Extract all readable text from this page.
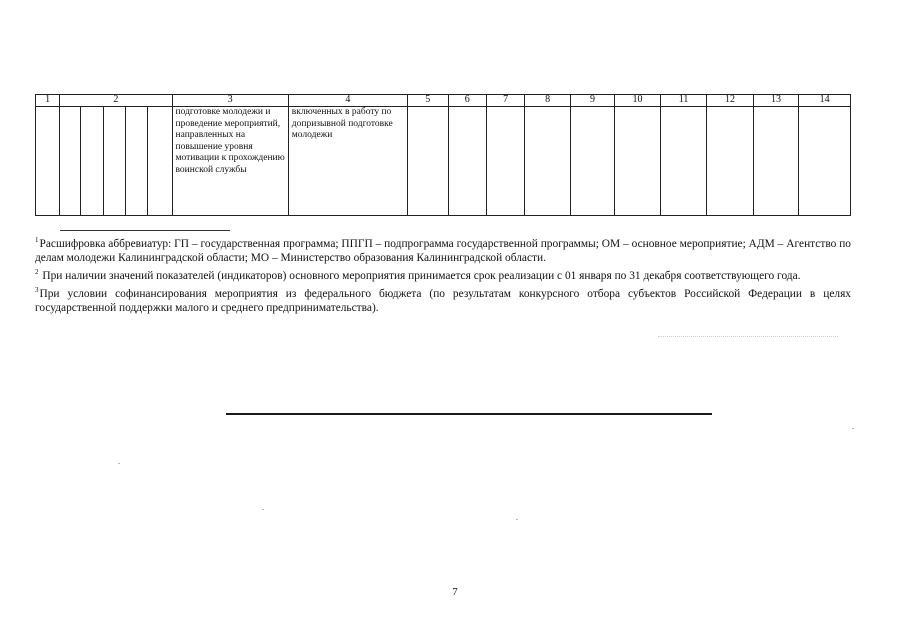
1	2					3	4	5	6	7	8	9	10	11	12	13	14
						подготовке молодежи и проведение мероприятий, направленных на повышение уровня мотивации к прохождению воинской службы	включенных в работу по допризывной подготовке молодежи										

$^1$Расшифровка аббревиатур: ГП – государственная программа; ППГП – подпрограмма государственной программы; ОМ – основное мероприятие; АДМ – Агентство по делам молодежи Калининградской области; МО – Министерство образования Калининградской области.

$^2$ При наличии значений показателей (индикаторов) основного мероприятия принимается срок реализации с 01 января по 31 декабря соответствующего года.

$^3$При условии софинансирования мероприятия из федерального бюджета (по результатам конкурсного отбора субъектов Российской Федерации в целях государственной поддержки малого и среднего предпринимательства).

7
